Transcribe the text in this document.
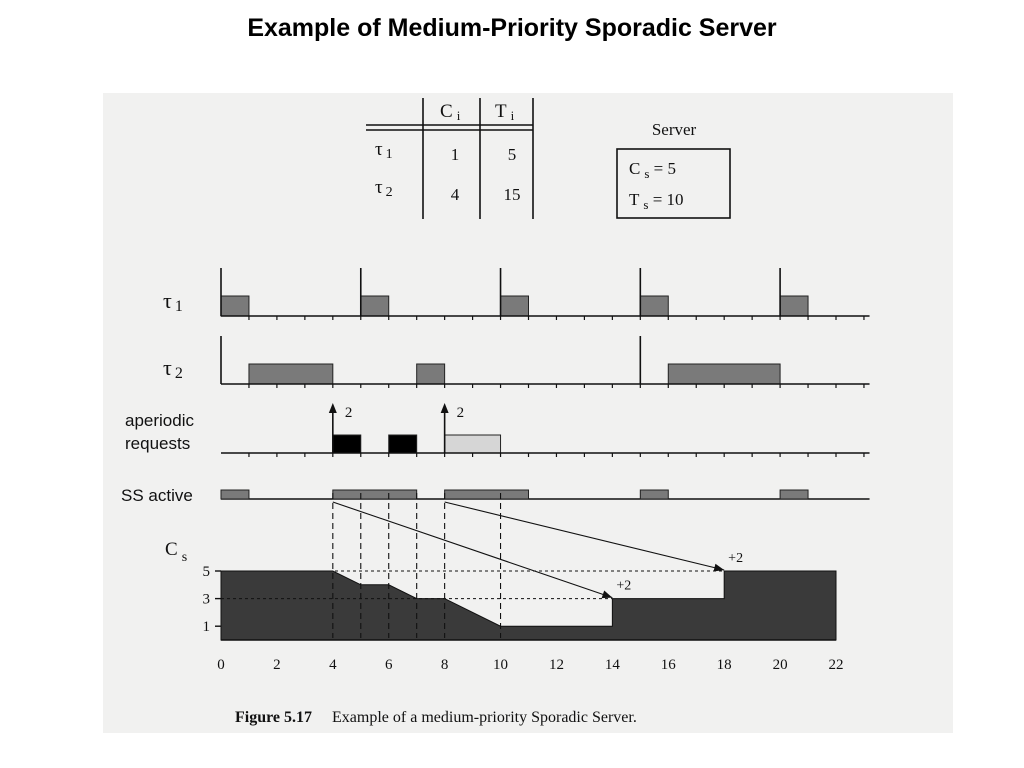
Example of Medium-Priority Sporadic Server
C i T i
τ 1	1	5
τ 2	4	15
Server
C $_s$ = 5
T $_s$ = 10
τ 1
τ 2
aperiodic
requests
SS active
C $_s$
2	2
1
3
5
+2
+2
0	2	4	6	8	10	12	14	16	18	20	22
Figure 5.17 Example of a medium-priority Sporadic Server.
